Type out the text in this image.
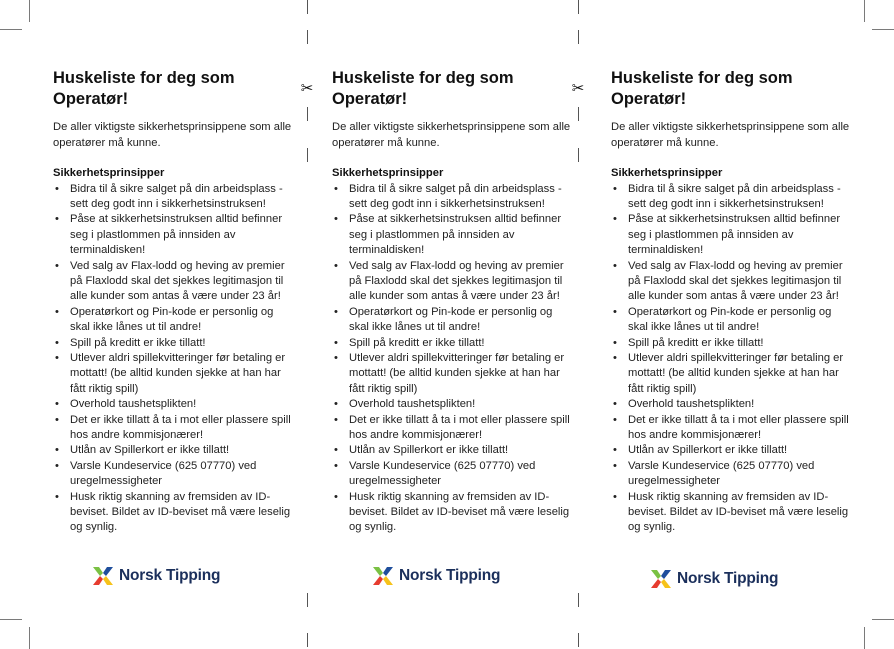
✂	✂
Huskeliste for deg som
Operatør!

De aller viktigste sikkerhetsprinsippene som alle operatører må kunne.

Sikkerhetsprinsipper

• Bidra til å sikre salget på din arbeidsplass - sett deg godt inn i sikkerhetsinstruksen!
• Påse at sikkerhetsinstruksen alltid befinner seg i plastlommen på innsiden av terminaldisken!
• Ved salg av Flax-lodd og heving av premier på Flaxlodd skal det sjekkes legitimasjon til alle kunder som antas å være under 23 år!
• Operatørkort og Pin-kode er personlig og skal ikke lånes ut til andre!
• Spill på kreditt er ikke tillatt!
• Utlever aldri spillekvitteringer før betaling er mottatt! (be alltid kunden sjekke at han har fått riktig spill)
• Overhold taushetsplikten!
• Det er ikke tillatt å ta i mot eller plassere spill hos andre kommisjonærer!
• Utlån av Spillerkort er ikke tillatt!
• Varsle Kundeservice (625 07770) ved uregelmessigheter
• Husk riktig skanning av fremsiden av ID-beviset. Bildet av ID-beviset må være leselig og synlig.
Huskeliste for deg som
Operatør!

De aller viktigste sikkerhetsprinsippene som alle operatører må kunne.

Sikkerhetsprinsipper

• Bidra til å sikre salget på din arbeidsplass - sett deg godt inn i sikkerhetsinstruksen!
• Påse at sikkerhetsinstruksen alltid befinner seg i plastlommen på innsiden av terminaldisken!
• Ved salg av Flax-lodd og heving av premier på Flaxlodd skal det sjekkes legitimasjon til alle kunder som antas å være under 23 år!
• Operatørkort og Pin-kode er personlig og skal ikke lånes ut til andre!
• Spill på kreditt er ikke tillatt!
• Utlever aldri spillekvitteringer før betaling er mottatt! (be alltid kunden sjekke at han har fått riktig spill)
• Overhold taushetsplikten!
• Det er ikke tillatt å ta i mot eller plassere spill hos andre kommisjonærer!
• Utlån av Spillerkort er ikke tillatt!
• Varsle Kundeservice (625 07770) ved uregelmessigheter
• Husk riktig skanning av fremsiden av ID-beviset. Bildet av ID-beviset må være leselig og synlig.
Huskeliste for deg som
Operatør!

De aller viktigste sikkerhetsprinsippene som alle operatører må kunne.

Sikkerhetsprinsipper

• Bidra til å sikre salget på din arbeidsplass - sett deg godt inn i sikkerhetsinstruksen!
• Påse at sikkerhetsinstruksen alltid befinner seg i plastlommen på innsiden av terminaldisken!
• Ved salg av Flax-lodd og heving av premier på Flaxlodd skal det sjekkes legitimasjon til alle kunder som antas å være under 23 år!
• Operatørkort og Pin-kode er personlig og skal ikke lånes ut til andre!
• Spill på kreditt er ikke tillatt!
• Utlever aldri spillekvitteringer før betaling er mottatt! (be alltid kunden sjekke at han har fått riktig spill)
• Overhold taushetsplikten!
• Det er ikke tillatt å ta i mot eller plassere spill hos andre kommisjonærer!
• Utlån av Spillerkort er ikke tillatt!
• Varsle Kundeservice (625 07770) ved uregelmessigheter
• Husk riktig skanning av fremsiden av ID-beviset. Bildet av ID-beviset må være leselig og synlig.
Norsk Tipping	Norsk Tipping	Norsk Tipping
